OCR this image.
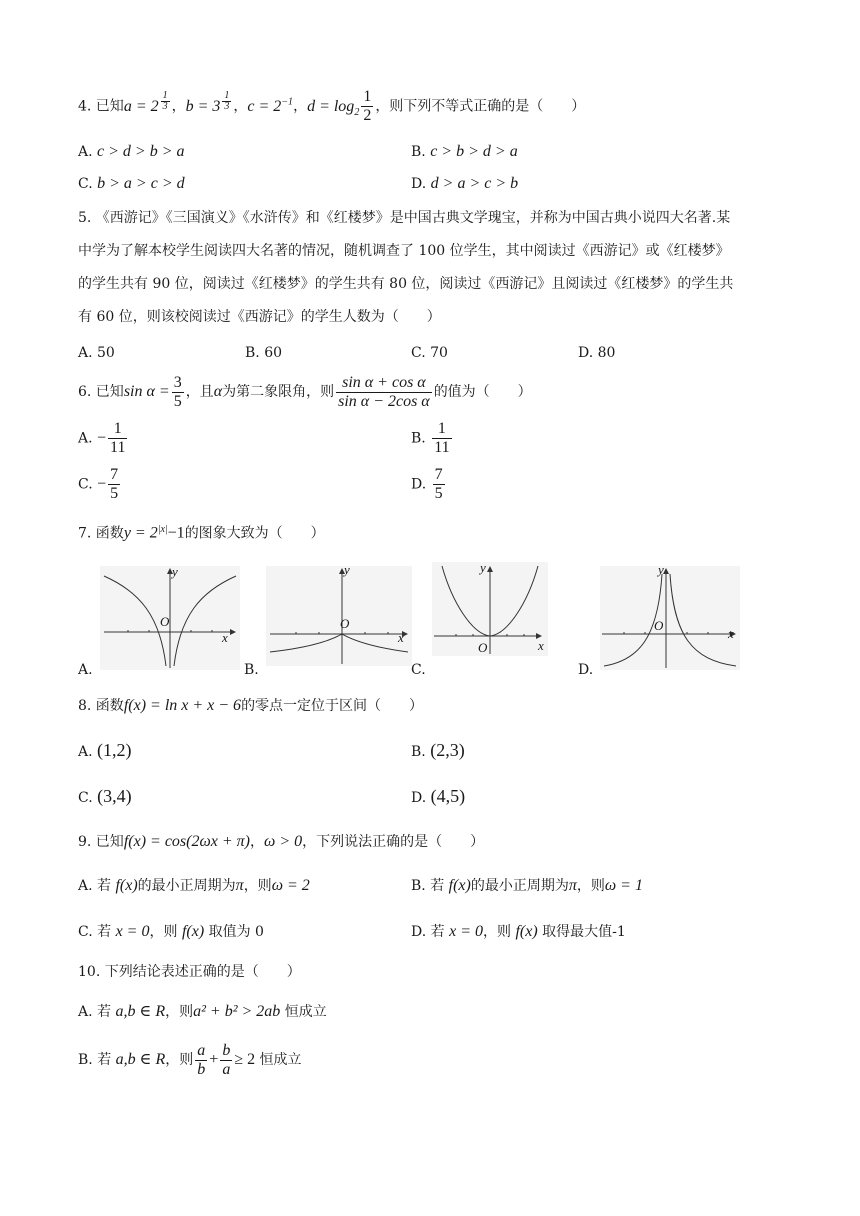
4. 已知a = 2 $^{\frac{1}{3}}$ ，b = 3 $^{\frac{1}{3}}$ ，$c = 2^{-1}$，$d = \log_2 \frac{1}{2}$ ，则下列不等式正确的是（　　）
A. c > d > b > a	B. c > b > d > a
C. b > a > c > d	D. d > a > c > b
5. 《西游记》《三国演义》《水浒传》和《红楼梦》是中国古典文学瑰宝，并称为中国古典小说四大名著.某
中学为了解本校学生阅读四大名著的情况，随机调查了 100 位学生，其中阅读过《西游记》或《红楼梦》
的学生共有 90 位，阅读过《红楼梦》的学生共有 80 位，阅读过《西游记》且阅读过《红楼梦》的学生共
有 60 位，则该校阅读过《西游记》的学生人数为（　　）
A. 50	B. 60	C. 70	D. 80
6. 已知$\sin \alpha = \frac{3}{5}$ ，且α为第二象限角，则 $\frac{\text{sin α + cos α}}{\text{sin α − 2cos α}}$ 的值为（　　）
A. − $\frac{1}{11}$	B. $\frac{1}{11}$
C. − $\frac{7}{5}$	D. $\frac{7}{5}$
7. 函数$y = 2^{|x|}-1$的图象大致为（　　）
y
x
O
A.
y
x
O
B.
y
x
O
C.
y
x
O
D.
8. 函数f(x) = ln x + x − 6的零点一定位于区间（　　）
A. (1,2)	B. (2,3)
C. (3,4)	D. (4,5)
9. 已知f(x) = cos(2ωx + π)，ω > 0，下列说法正确的是（　　）
A. 若 f(x)的最小正周期为π，则ω = 2	B. 若 f(x)的最小正周期为π，则ω = 1
C. 若 x = 0，则 f(x) 取值为 0	D. 若 x = 0，则 f(x) 取得最大值-1
10. 下列结论表述正确的是（　　）
A. 若 a,b ∈ R，则a² + b² > 2ab 恒成立
B. 若 a,b ∈ R，则 $\frac{a}{b} + \frac{b}{a} \ge 2$ 恒成立
